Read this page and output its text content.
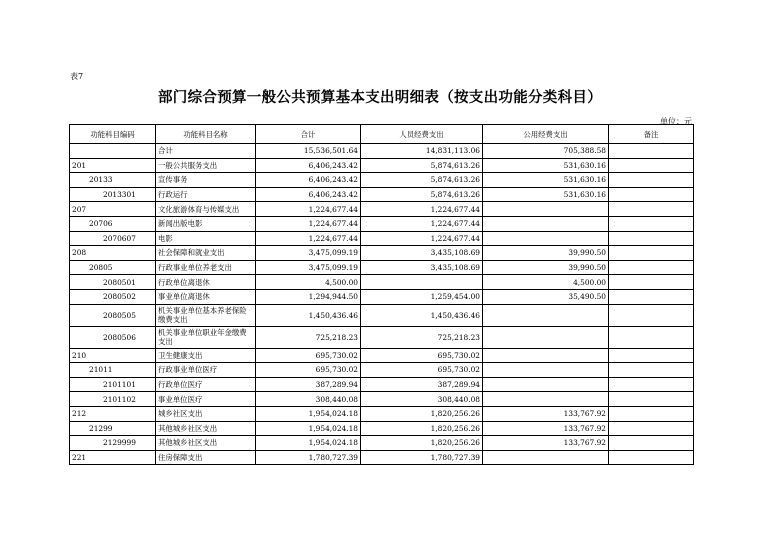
表7
部门综合预算一般公共预算基本支出明细表（按支出功能分类科目）
单位：元
功能科目编码	功能科目名称	合计	人员经费支出	公用经费支出	备注
	合计	15,536,501.64	14,831,113.06	705,388.58	
201	一般公共服务支出	6,406,243.42	5,874,613.26	531,630.16	
20133	宣传事务	6,406,243.42	5,874,613.26	531,630.16	
2013301	行政运行	6,406,243.42	5,874,613.26	531,630.16	
207	文化旅游体育与传媒支出	1,224,677.44	1,224,677.44		
20706	新闻出版电影	1,224,677.44	1,224,677.44		
2070607	电影	1,224,677.44	1,224,677.44		
208	社会保障和就业支出	3,475,099.19	3,435,108.69	39,990.50	
20805	行政事业单位养老支出	3,475,099.19	3,435,108.69	39,990.50	
2080501	行政单位离退休	4,500.00		4,500.00	
2080502	事业单位离退休	1,294,944.50	1,259,454.00	35,490.50	
2080505	机关事业单位基本养老保险缴费支出	1,450,436.46	1,450,436.46		
2080506	机关事业单位职业年金缴费支出	725,218.23	725,218.23		
210	卫生健康支出	695,730.02	695,730.02		
21011	行政事业单位医疗	695,730.02	695,730.02		
2101101	行政单位医疗	387,289.94	387,289.94		
2101102	事业单位医疗	308,440.08	308,440.08		
212	城乡社区支出	1,954,024.18	1,820,256.26	133,767.92	
21299	其他城乡社区支出	1,954,024.18	1,820,256.26	133,767.92	
2129999	其他城乡社区支出	1,954,024.18	1,820,256.26	133,767.92	
221	住房保障支出	1,780,727.39	1,780,727.39		
